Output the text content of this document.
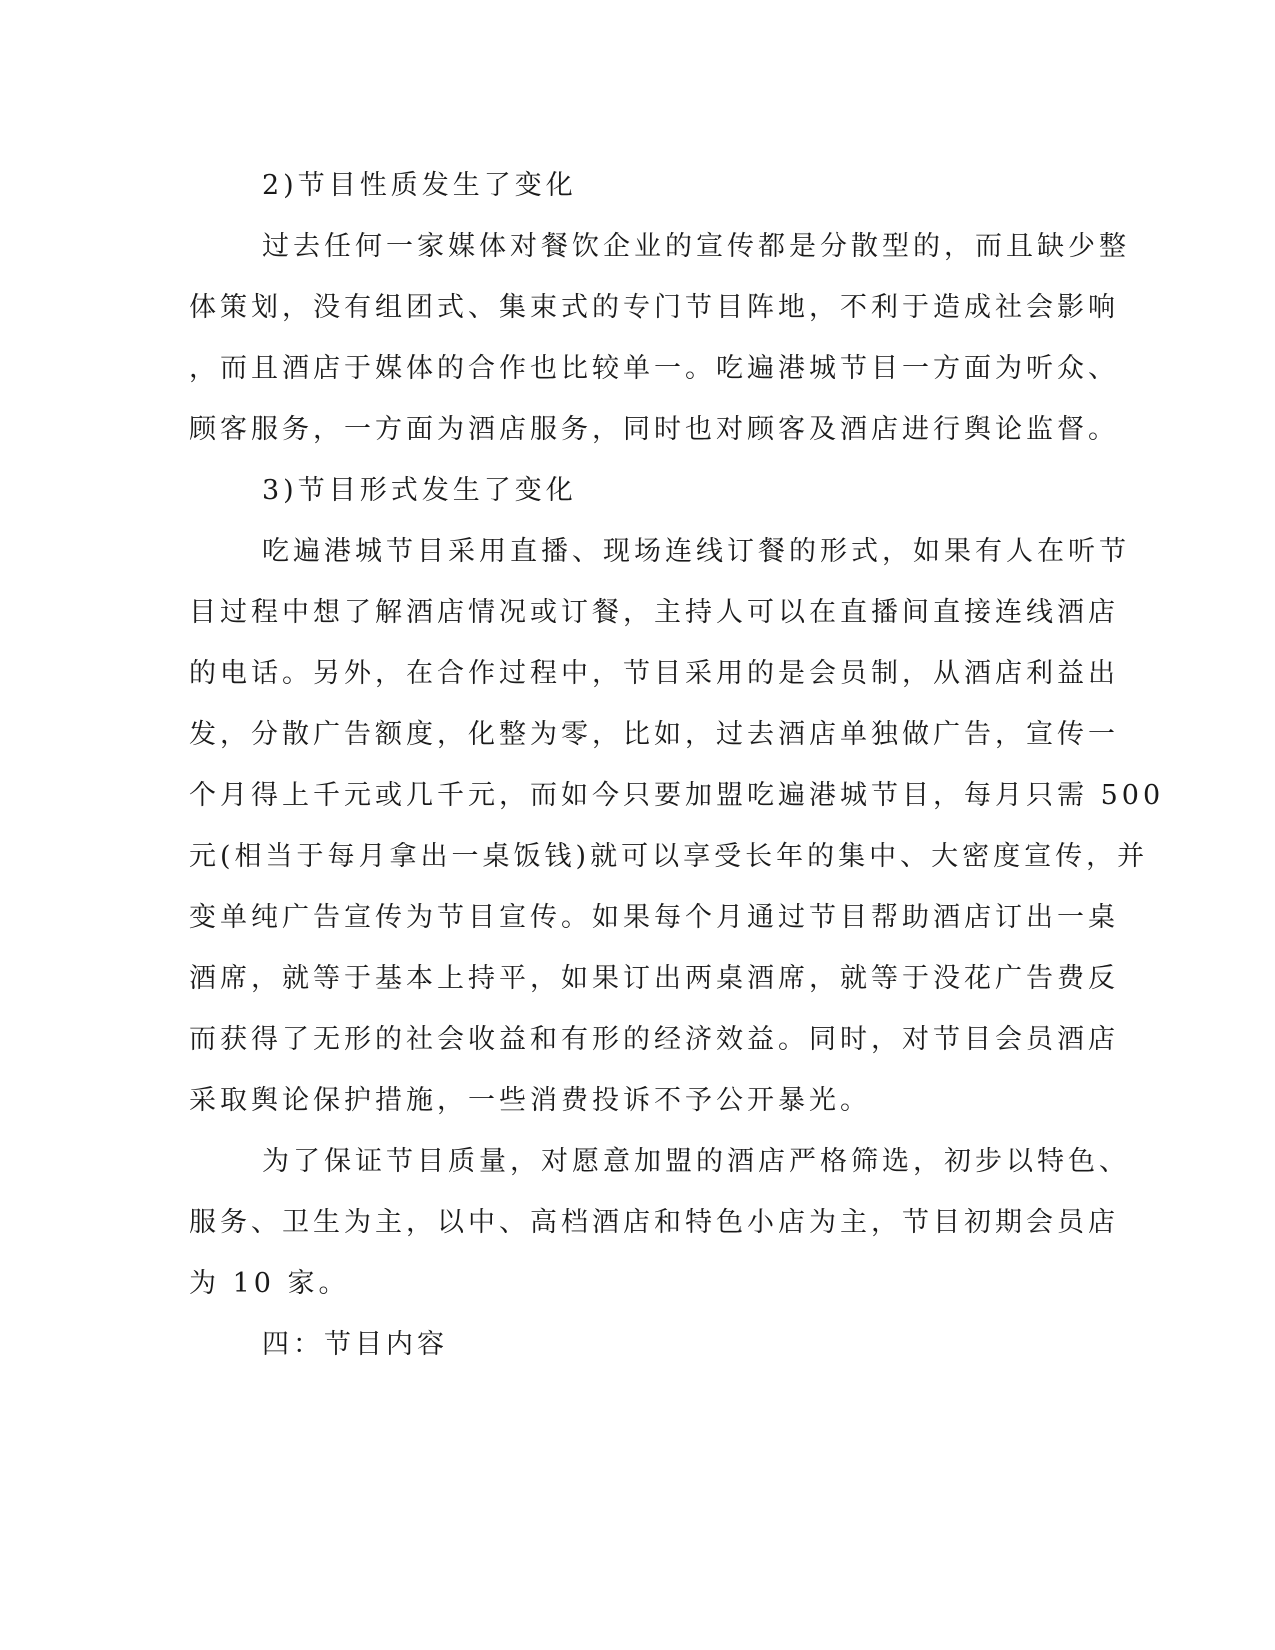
2)节目性质发生了变化
过去任何一家媒体对餐饮企业的宣传都是分散型的，而且缺少整
体策划，没有组团式、集束式的专门节目阵地，不利于造成社会影响
，而且酒店于媒体的合作也比较单一。吃遍港城节目一方面为听众、
顾客服务，一方面为酒店服务，同时也对顾客及酒店进行舆论监督。
3)节目形式发生了变化
吃遍港城节目采用直播、现场连线订餐的形式，如果有人在听节
目过程中想了解酒店情况或订餐，主持人可以在直播间直接连线酒店
的电话。另外，在合作过程中，节目采用的是会员制，从酒店利益出
发，分散广告额度，化整为零，比如，过去酒店单独做广告，宣传一
个月得上千元或几千元，而如今只要加盟吃遍港城节目，每月只需 500
元(相当于每月拿出一桌饭钱)就可以享受长年的集中、大密度宣传，并
变单纯广告宣传为节目宣传。如果每个月通过节目帮助酒店订出一桌
酒席，就等于基本上持平，如果订出两桌酒席，就等于没花广告费反
而获得了无形的社会收益和有形的经济效益。同时，对节目会员酒店
采取舆论保护措施，一些消费投诉不予公开暴光。
为了保证节目质量，对愿意加盟的酒店严格筛选，初步以特色、
服务、卫生为主，以中、高档酒店和特色小店为主，节目初期会员店
为 10 家。
四：节目内容
